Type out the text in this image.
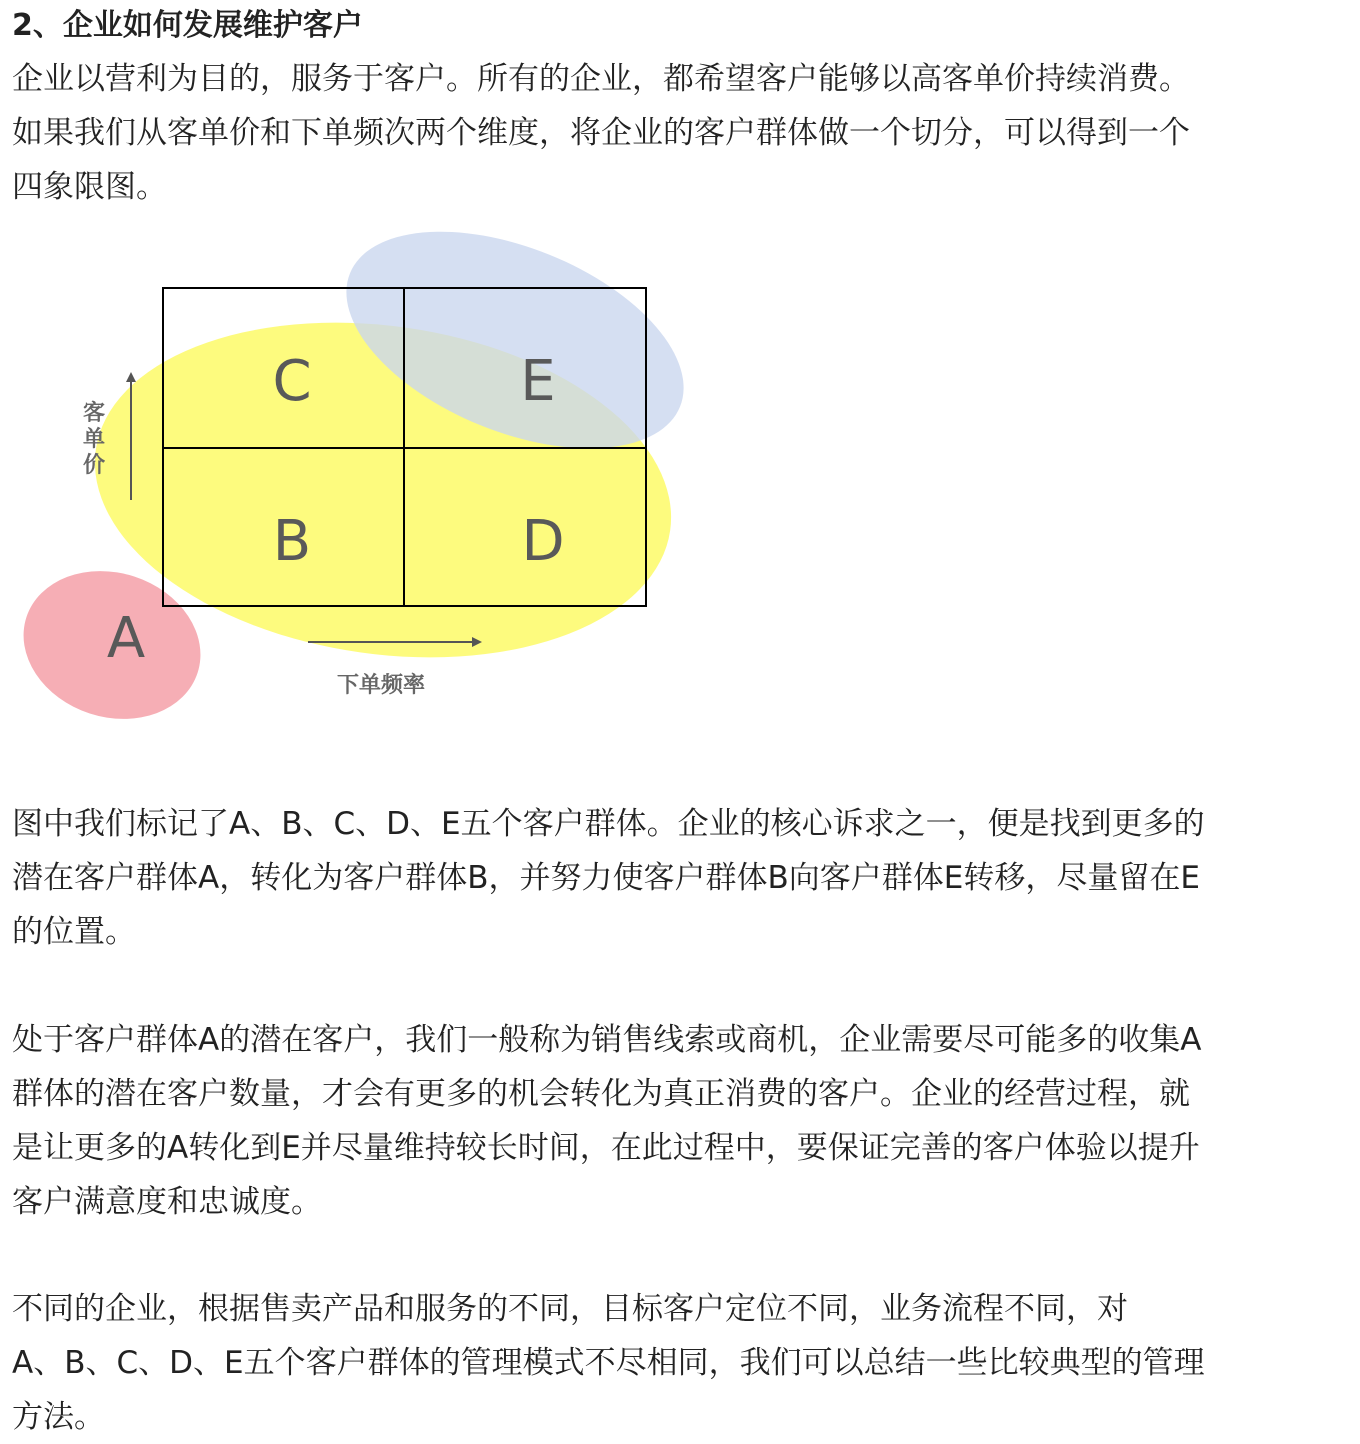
2、企业如何发展维护客户
企业以营利为目的，服务于客户。所有的企业，都希望客户能够以高客单价持续消费。
如果我们从客单价和下单频次两个维度，将企业的客户群体做一个切分，可以得到一个
四象限图。
C	E
B	D
A
客
单
价
下单频率
图中我们标记了A、B、C、D、E五个客户群体。企业的核心诉求之一，便是找到更多的
潜在客户群体A，转化为客户群体B，并努力使客户群体B向客户群体E转移，尽量留在E
的位置。
处于客户群体A的潜在客户，我们一般称为销售线索或商机，企业需要尽可能多的收集A
群体的潜在客户数量，才会有更多的机会转化为真正消费的客户。企业的经营过程，就
是让更多的A转化到E并尽量维持较长时间，在此过程中，要保证完善的客户体验以提升
客户满意度和忠诚度。
不同的企业，根据售卖产品和服务的不同，目标客户定位不同，业务流程不同，对
A、B、C、D、E五个客户群体的管理模式不尽相同，我们可以总结一些比较典型的管理
方法。
